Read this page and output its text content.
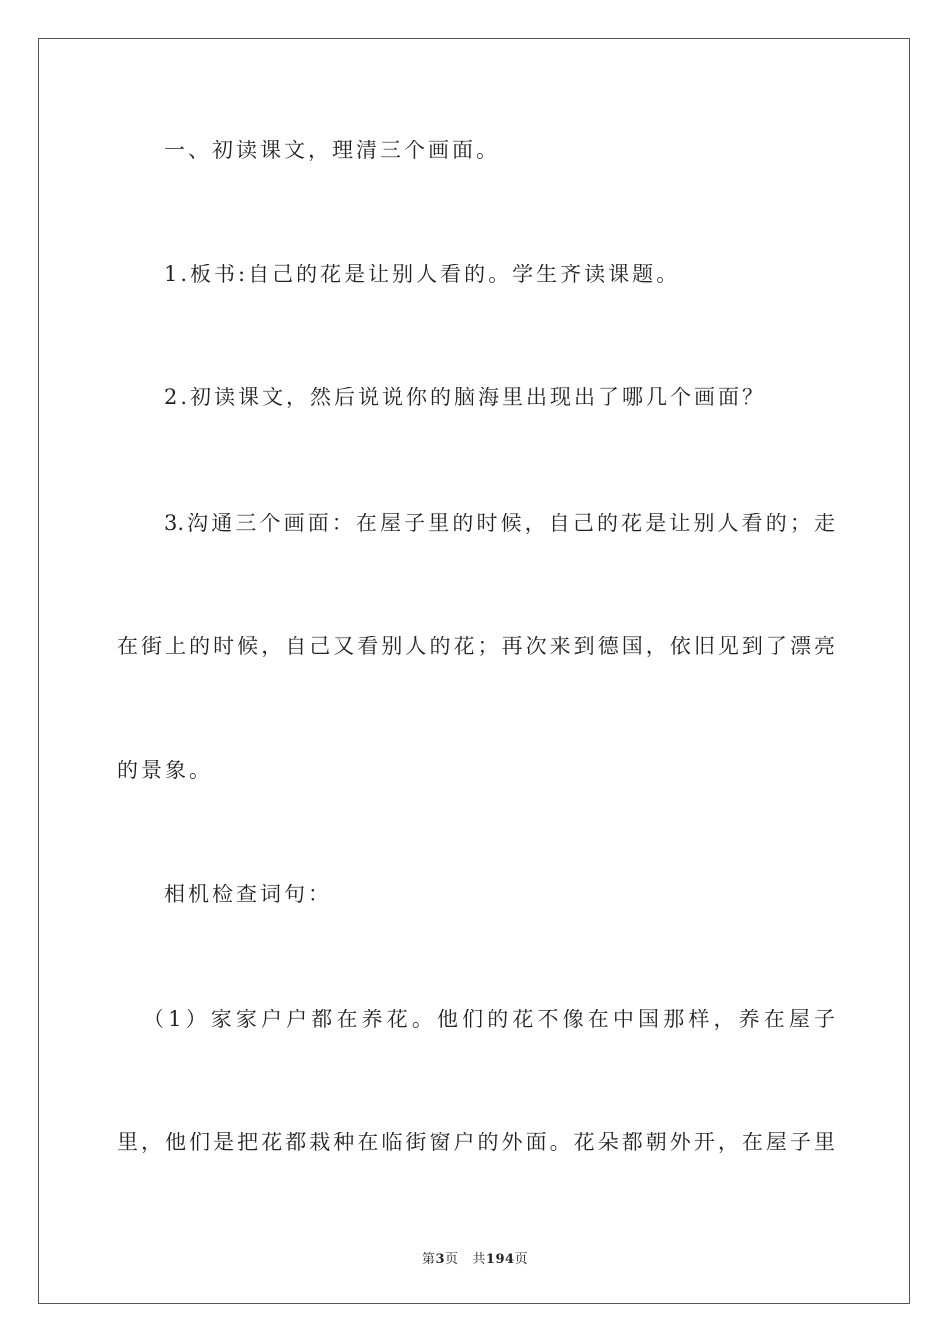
一、初读课文，理清三个画面。
1.板书:自己的花是让别人看的。学生齐读课题。
2.初读课文，然后说说你的脑海里出现出了哪几个画面？
3.沟通三个画面：在屋子里的时候，自己的花是让别人看的；走
在街上的时候，自己又看别人的花；再次来到德国，依旧见到了漂亮
的景象。
相机检查词句：
（1）家家户户都在养花。他们的花不像在中国那样，养在屋子
里，他们是把花都栽种在临街窗户的外面。花朵都朝外开，在屋子里
第3页 共194页
